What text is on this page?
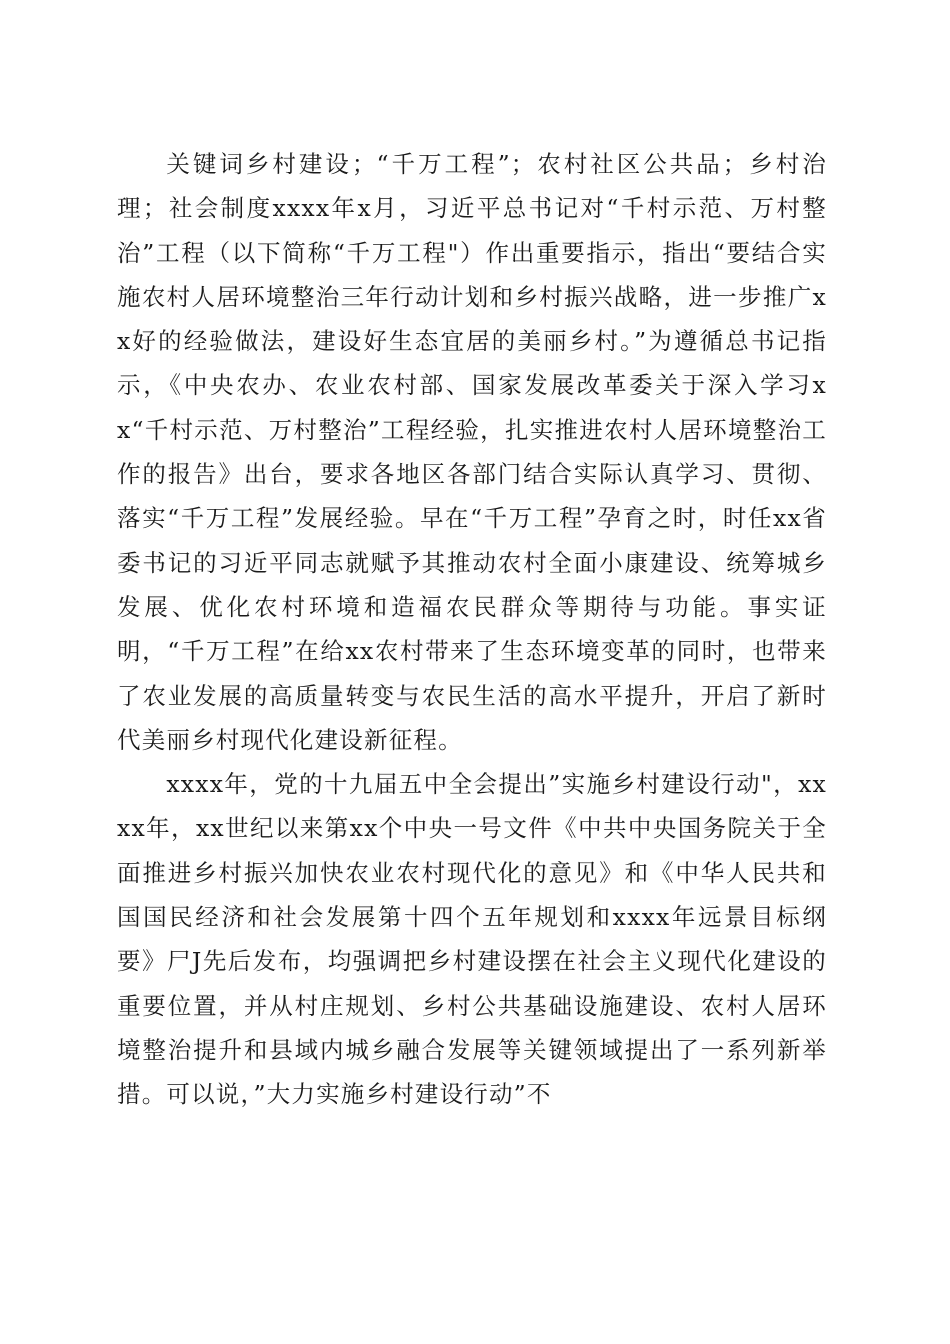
关键词乡村建设；“千万工程”；农村社区公共品；乡村治理；社会制度xxxx年x月，习近平总书记对“千村示范、万村整治”工程（以下简称“千万工程"）作出重要指示，指出“要结合实施农村人居环境整治三年行动计划和乡村振兴战略，进一步推广xx好的经验做法，建设好生态宜居的美丽乡村。”为遵循总书记指示，《中央农办、农业农村部、国家发展改革委关于深入学习xx“千村示范、万村整治”工程经验，扎实推进农村人居环境整治工作的报告》出台，要求各地区各部门结合实际认真学习、贯彻、落实“千万工程”发展经验。早在“千万工程”孕育之时，时任xx省委书记的习近平同志就赋予其推动农村全面小康建设、统筹城乡发展、优化农村环境和造福农民群众等期待与功能。事实证明，“千万工程”在给xx农村带来了生态环境变革的同时，也带来了农业发展的高质量转变与农民生活的高水平提升，开启了新时代美丽乡村现代化建设新征程。

xxxx年，党的十九届五中全会提出”实施乡村建设行动"，xxxx年，xx世纪以来第xx个中央一号文件《中共中央国务院关于全面推进乡村振兴加快农业农村现代化的意见》和《中华人民共和国国民经济和社会发展第十四个五年规划和xxxx年远景目标纲要》尸J先后发布，均强调把乡村建设摆在社会主义现代化建设的重要位置，并从村庄规划、乡村公共基础设施建设、农村人居环境整治提升和县域内城乡融合发展等关键领域提出了一系列新举措。可以说，”大力实施乡村建设行动”不
